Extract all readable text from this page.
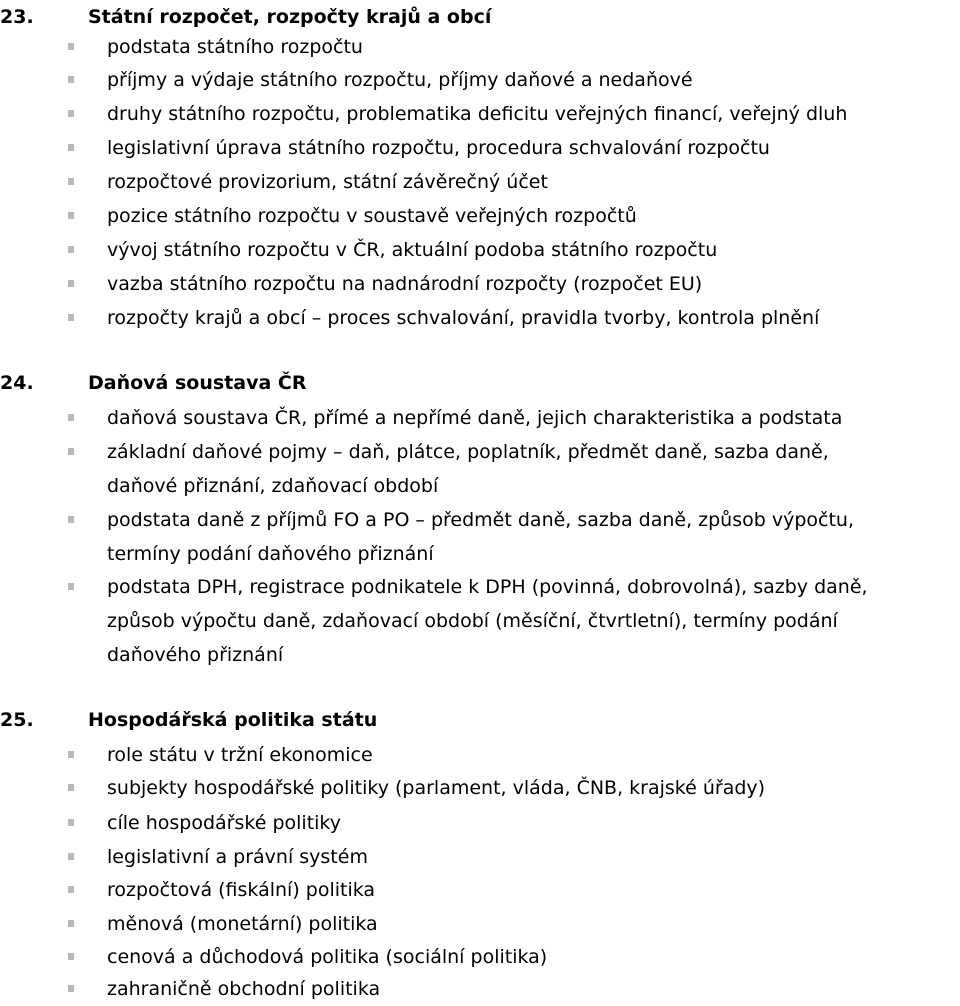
23.	Státní rozpočet, rozpočty krajů a obcí
podstata státního rozpočtu
příjmy a výdaje státního rozpočtu, příjmy daňové a nedaňové
druhy státního rozpočtu, problematika deficitu veřejných financí, veřejný dluh
legislativní úprava státního rozpočtu, procedura schvalování rozpočtu
rozpočtové provizorium, státní závěrečný účet
pozice státního rozpočtu v soustavě veřejných rozpočtů
vývoj státního rozpočtu v ČR, aktuální podoba státního rozpočtu
vazba státního rozpočtu na nadnárodní rozpočty (rozpočet EU)
rozpočty krajů a obcí – proces schvalování, pravidla tvorby, kontrola plnění
24.	Daňová soustava ČR
daňová soustava ČR, přímé a nepřímé daně, jejich charakteristika a podstata
základní daňové pojmy – daň, plátce, poplatník, předmět daně, sazba daně,
daňové přiznání, zdaňovací období
podstata daně z příjmů FO a PO – předmět daně, sazba daně, způsob výpočtu,
termíny podání daňového přiznání
podstata DPH, registrace podnikatele k DPH (povinná, dobrovolná), sazby daně,
způsob výpočtu daně, zdaňovací období (měsíční, čtvrtletní), termíny podání
daňového přiznání
25.	Hospodářská politika státu
role státu v tržní ekonomice
subjekty hospodářské politiky (parlament, vláda, ČNB, krajské úřady)
cíle hospodářské politiky
legislativní a právní systém
rozpočtová (fiskální) politika
měnová (monetární) politika
cenová a důchodová politika (sociální politika)
zahraničně obchodní politika
